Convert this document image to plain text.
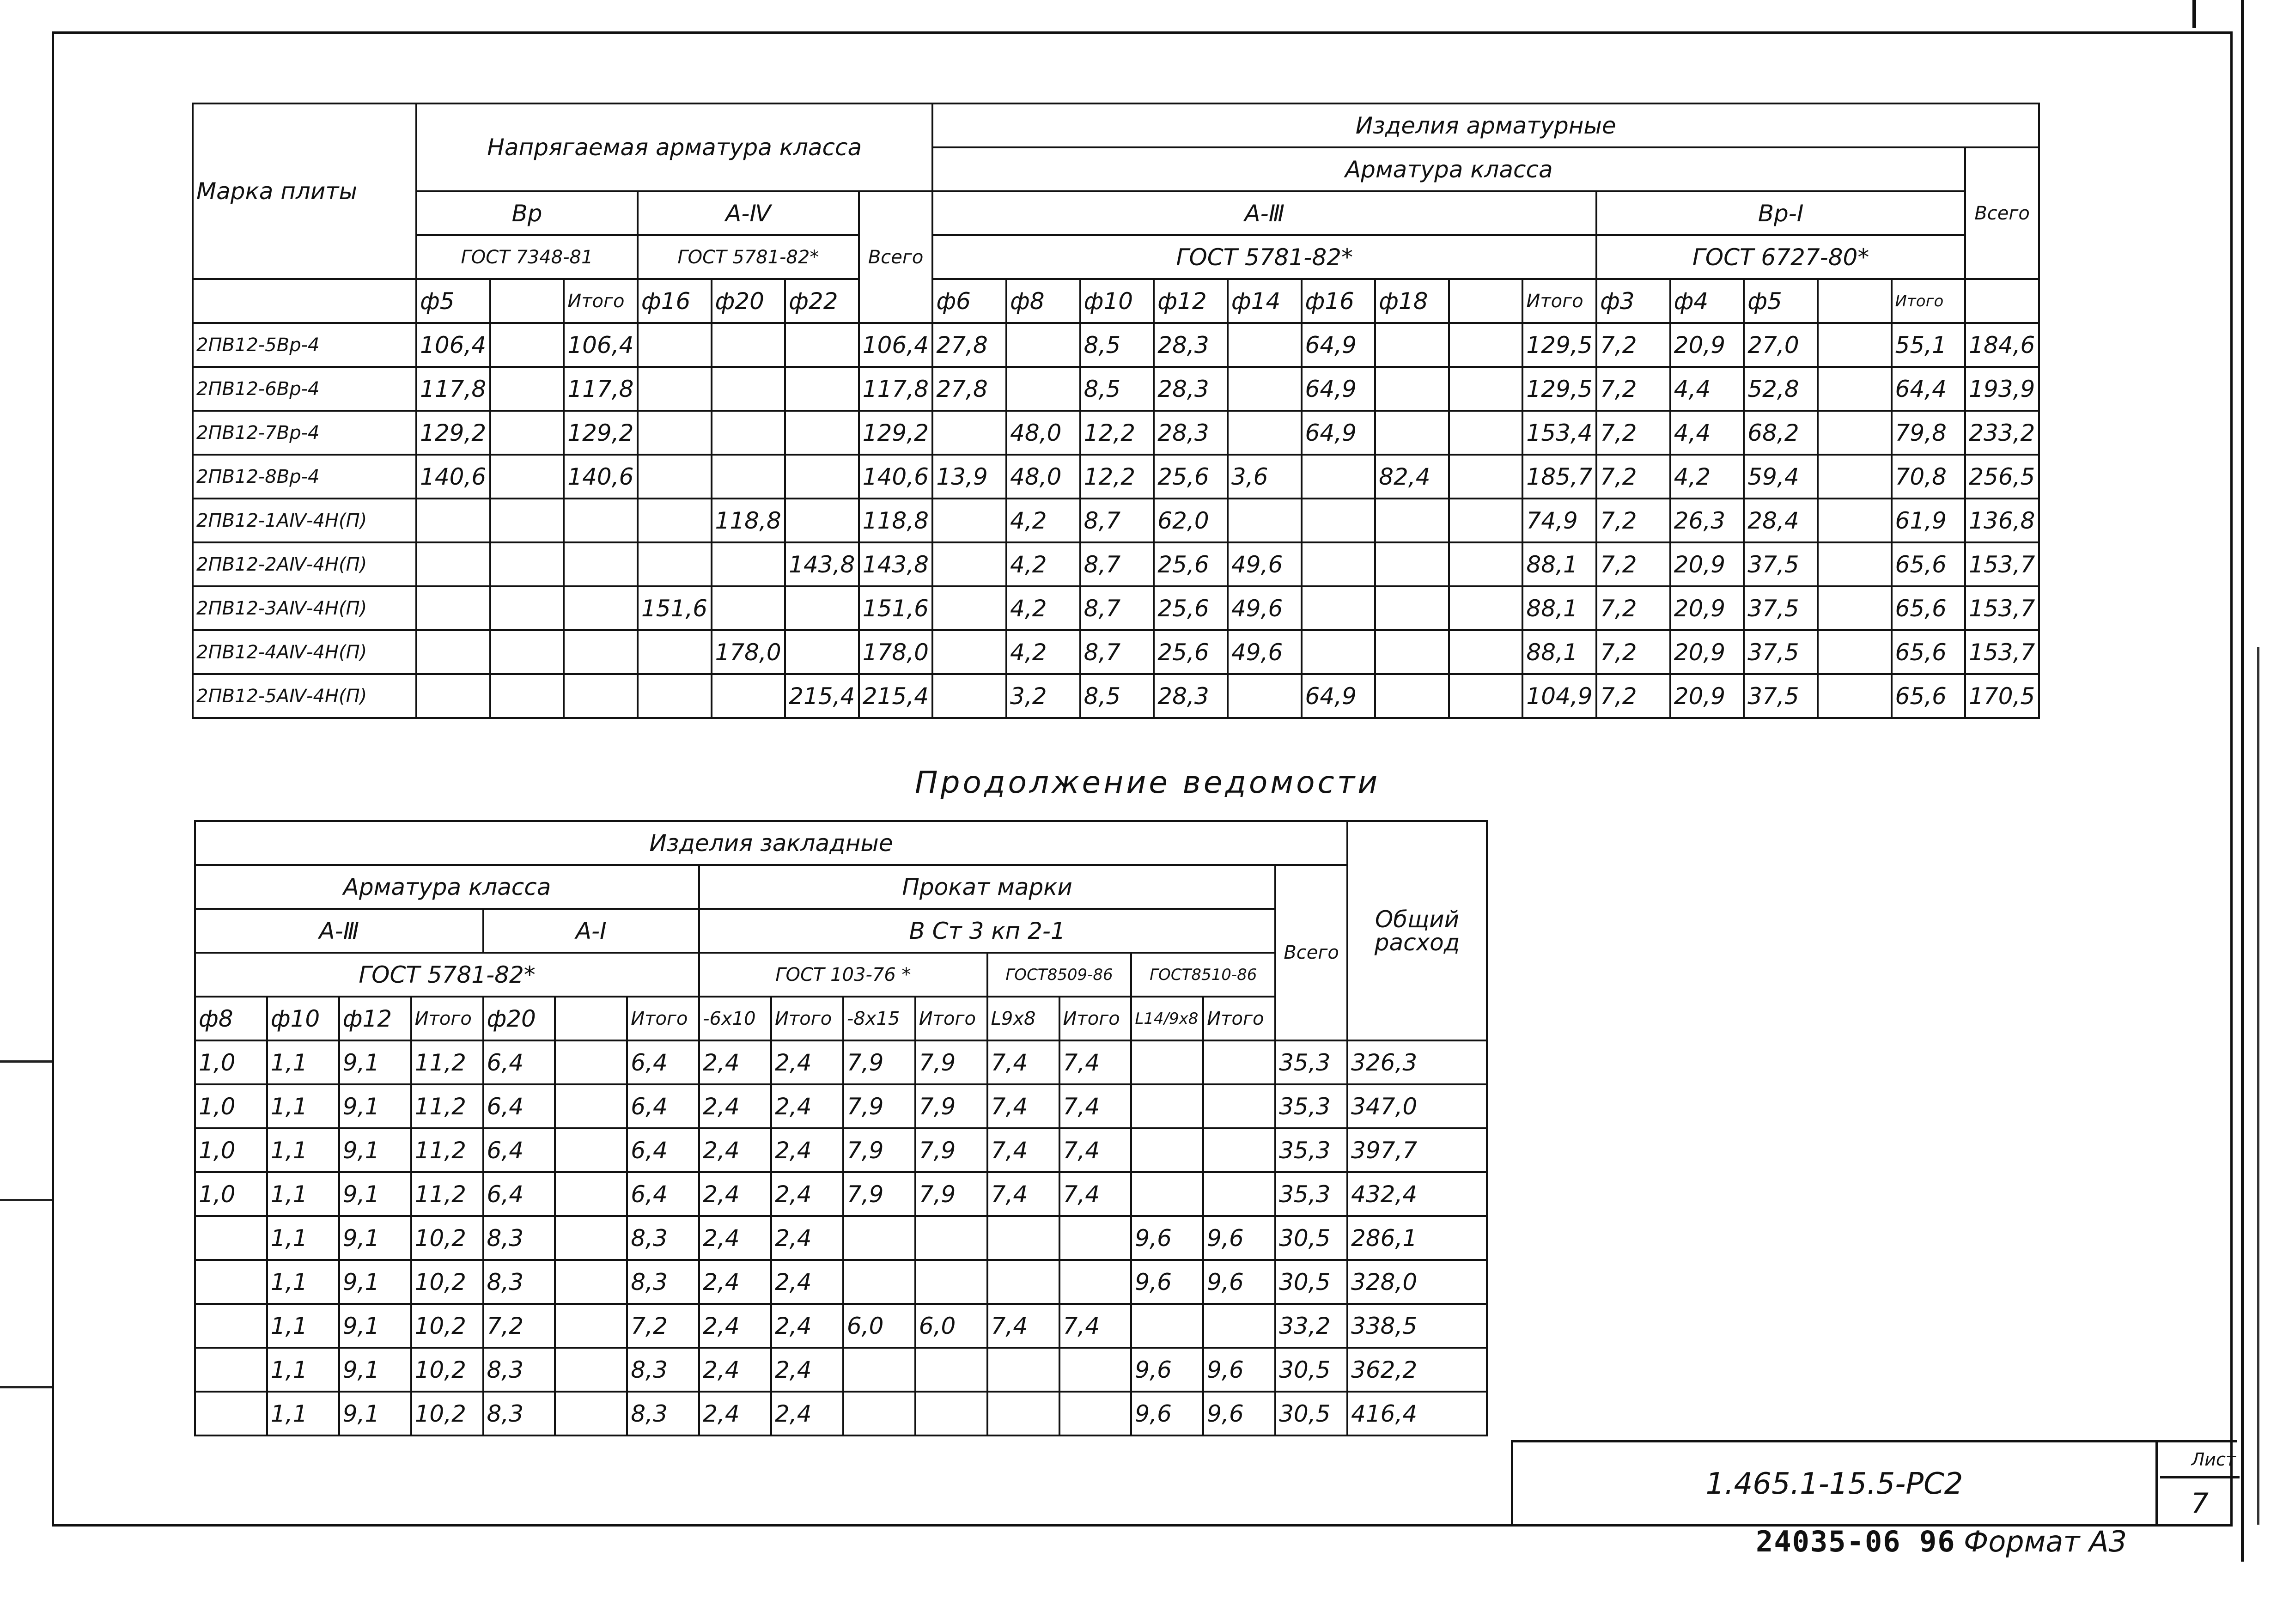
Марка плиты	Напрягаемая арматура класса							Изделия арматурные														
								Арматура класса														Всего
	Вр			А-Ⅳ			Всего	А-Ⅲ									Вр-Ⅰ					
	ГОСТ 7348-81			ГОСТ 5781-82*				ГОСТ 5781-82*									ГОСТ 6727-80*					
	ф5		Итого	ф16	ф20	ф22		ф6	ф8	ф10	ф12	ф14	ф16	ф18		Итого	ф3	ф4	ф5		Итого	
2ПВ12-5Вр-4	106,4		106,4				106,4	27,8		8,5	28,3		64,9			129,5	7,2	20,9	27,0		55,1	184,6
2ПВ12-6Вр-4	117,8		117,8				117,8	27,8		8,5	28,3		64,9			129,5	7,2	4,4	52,8		64,4	193,9
2ПВ12-7Вр-4	129,2		129,2				129,2		48,0	12,2	28,3		64,9			153,4	7,2	4,4	68,2		79,8	233,2
2ПВ12-8Вр-4	140,6		140,6				140,6	13,9	48,0	12,2	25,6	3,6		82,4		185,7	7,2	4,2	59,4		70,8	256,5
2ПВ12-1АⅣ-4Н(П)					118,8		118,8		4,2	8,7	62,0					74,9	7,2	26,3	28,4		61,9	136,8
2ПВ12-2АⅣ-4Н(П)						143,8	143,8		4,2	8,7	25,6	49,6				88,1	7,2	20,9	37,5		65,6	153,7
2ПВ12-3АⅣ-4Н(П)				151,6			151,6		4,2	8,7	25,6	49,6				88,1	7,2	20,9	37,5		65,6	153,7
2ПВ12-4АⅣ-4Н(П)					178,0		178,0		4,2	8,7	25,6	49,6				88,1	7,2	20,9	37,5		65,6	153,7
2ПВ12-5АⅣ-4Н(П)						215,4	215,4		3,2	8,5	28,3		64,9			104,9	7,2	20,9	37,5		65,6	170,5
Продолжение ведомости
Изделия закладные																Общий расход
Арматура класса							Прокат марки								Всего	
А-Ⅲ				А-Ⅰ			В Ст 3 кп 2-1									
ГОСТ 5781-82*							ГОСТ 103-76 *				ГОСТ8509-86		ГОСТ8510-86			
ф8	ф10	ф12	Итого	ф20		Итого	-6х10	Итого	-8х15	Итого	L9х8	Итого	L14/9х8	Итого		
1,0	1,1	9,1	11,2	6,4		6,4	2,4	2,4	7,9	7,9	7,4	7,4			35,3	326,3
1,0	1,1	9,1	11,2	6,4		6,4	2,4	2,4	7,9	7,9	7,4	7,4			35,3	347,0
1,0	1,1	9,1	11,2	6,4		6,4	2,4	2,4	7,9	7,9	7,4	7,4			35,3	397,7
1,0	1,1	9,1	11,2	6,4		6,4	2,4	2,4	7,9	7,9	7,4	7,4			35,3	432,4
	1,1	9,1	10,2	8,3		8,3	2,4	2,4					9,6	9,6	30,5	286,1
	1,1	9,1	10,2	8,3		8,3	2,4	2,4					9,6	9,6	30,5	328,0
	1,1	9,1	10,2	7,2		7,2	2,4	2,4	6,0	6,0	7,4	7,4			33,2	338,5
	1,1	9,1	10,2	8,3		8,3	2,4	2,4					9,6	9,6	30,5	362,2
	1,1	9,1	10,2	8,3		8,3	2,4	2,4					9,6	9,6	30,5	416,4
1.465.1-15.5-РС2
Лист
7
24035-06 96 Формат А3
